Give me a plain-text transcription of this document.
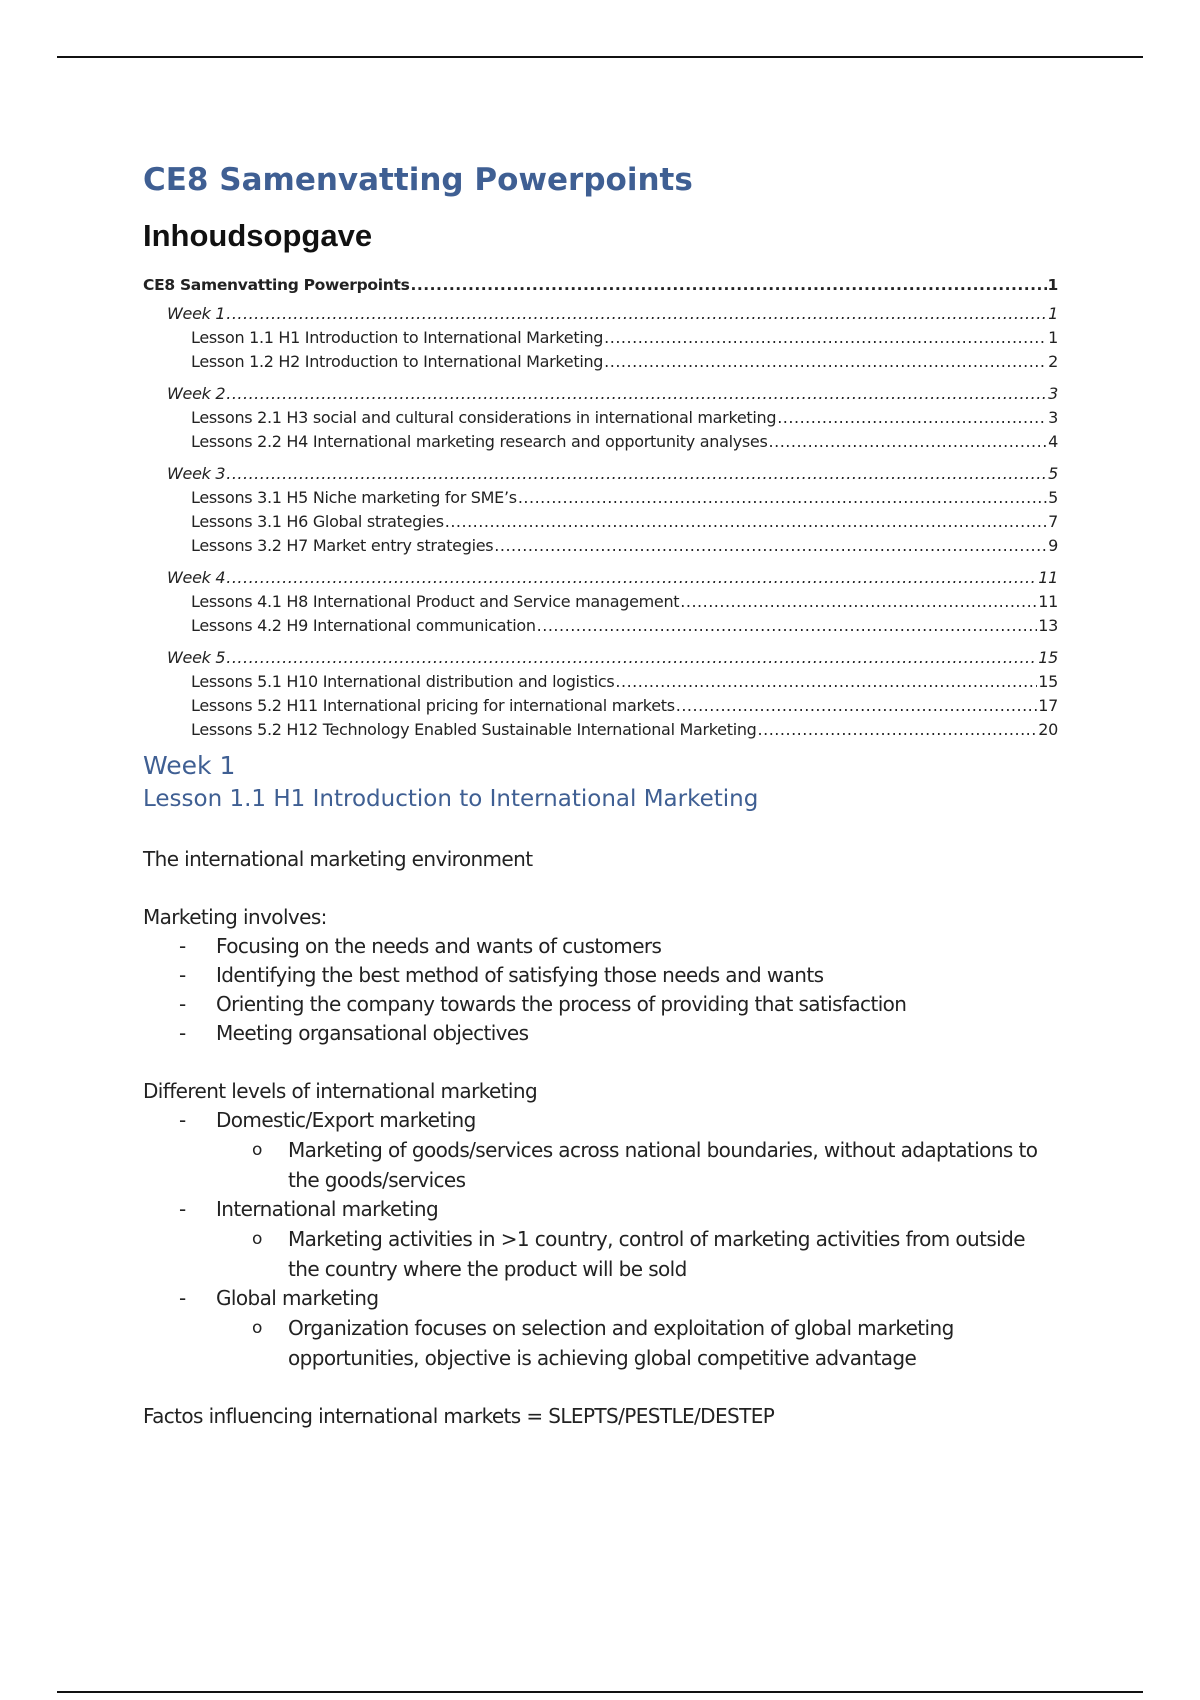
CE8 Samenvatting Powerpoints
Inhoudsopgave
CE8 Samenvatting Powerpoints .....	1
Week 1 .....	1
Lesson 1.1 H1 Introduction to International Marketing .....	1
Lesson 1.2 H2 Introduction to International Marketing .....	2
Week 2 .....	3
Lessons 2.1 H3 social and cultural considerations in international marketing .....	3
Lessons 2.2 H4 International marketing research and opportunity analyses .....	4
Week 3 .....	5
Lessons 3.1 H5 Niche marketing for SME’s .....	5
Lessons 3.1 H6 Global strategies .....	7
Lessons 3.2 H7 Market entry strategies .....	9
Week 4 .....	11
Lessons 4.1 H8 International Product and Service management .....	11
Lessons 4.2 H9 International communication .....	13
Week 5 .....	15
Lessons 5.1 H10 International distribution and logistics .....	15
Lessons 5.2 H11 International pricing for international markets .....	17
Lessons 5.2 H12 Technology Enabled Sustainable International Marketing .....	20
Week 1
Lesson 1.1 H1 Introduction to International Marketing

The international marketing environment

Marketing involves:

- Focusing on the needs and wants of customers
- Identifying the best method of satisfying those needs and wants
- Orienting the company towards the process of providing that satisfaction
- Meeting organsational objectives

Different levels of international marketing

- Domestic/Export marketing
o Marketing of goods/services across national boundaries, without adaptations to the goods/services
- International marketing
o Marketing activities in >1 country, control of marketing activities from outside the country where the product will be sold
- Global marketing
o Organization focuses on selection and exploitation of global marketing opportunities, objective is achieving global competitive advantage

Factos influencing international markets = SLEPTS/PESTLE/DESTEP
